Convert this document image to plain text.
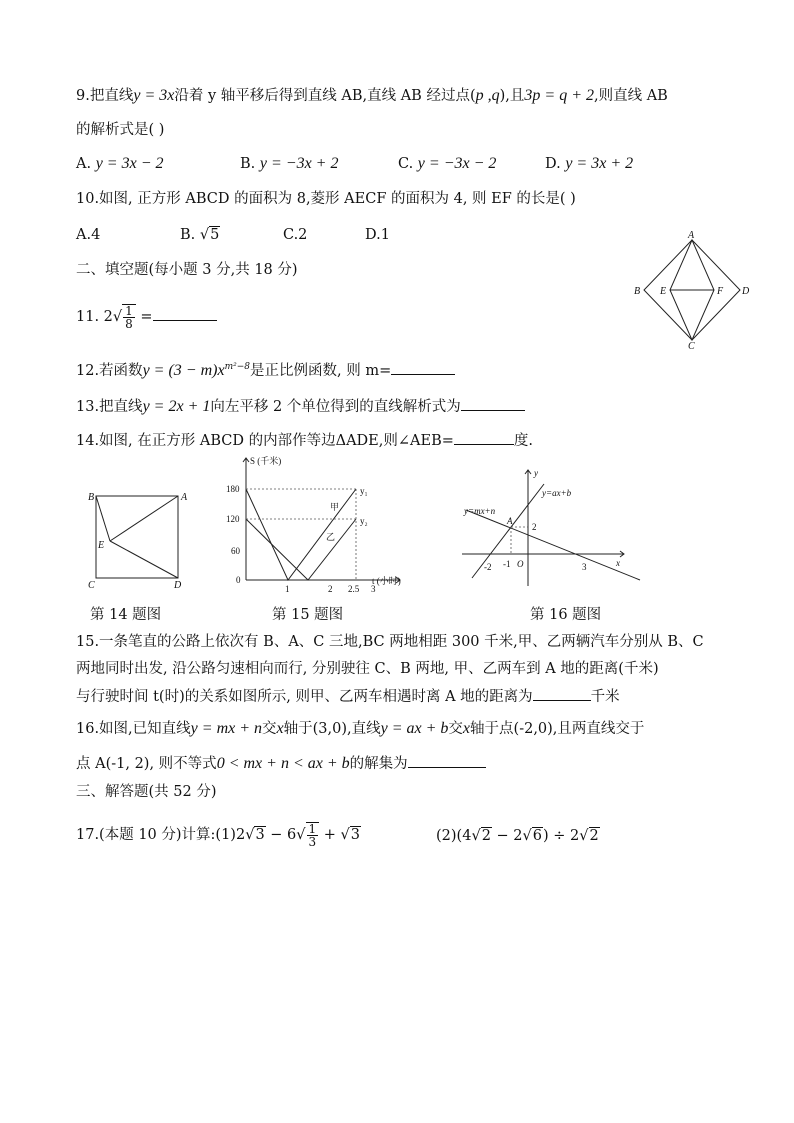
9.把直线y = 3x沿着 y 轴平移后得到直线 AB,直线 AB 经过点(p ,q),且3p = q + 2,则直线 AB
的解析式是( )
A. y = 3x − 2	B. y = −3x + 2	C. y = −3x − 2	D. y = 3x + 2
10.如图, 正方形 ABCD 的面积为 8,菱形 AECF 的面积为 4, 则 EF 的长是( )
A.4	B. √5	C.2	D.1	A
B
C
D
E	F
二、填空题(每小题 3 分,共 18 分)
11. $2√ \frac{1}{8}$ =
12.若函数$y = (3 - m)x^{m^2-8}$是正比例函数, 则 m=
13.把直线y = 2x + 1向左平移 2 个单位得到的直线解析式为
14.如图, 在正方形 ABCD 的内部作等边ΔADE,则∠AEB=	度.
B	A
C	D
E
S (千米)
t (小时)
180
120
60
0
1	2 2.5 3
甲
乙
y₁
y₂
y=mx+n
y=ax+b
y
x
A
2
-2 -1 O	3
第 14 题图	第 15 题图	第 16 题图
15.一条笔直的公路上依次有 B、A、C 三地,BC 两地相距 300 千米,甲、乙两辆汽车分别从 B、C
两地同时出发, 沿公路匀速相向而行, 分别驶往 C、B 两地, 甲、乙两车到 A 地的距离(千米)
与行驶时间 t(时)的关系如图所示, 则甲、乙两车相遇时离 A 地的距离为	千米
16.如图,已知直线y = mx + n交x轴于(3,0),直线y = ax + b交x轴于点(-2,0),且两直线交于
点 A(-1, 2), 则不等式0 < mx + n < ax + b的解集为
三、解答题(共 52 分)
17.(本题 10 分)计算:(1)2√3 − $6√ \frac{1}{3} + √3$	(2)(4√2 − 2√6) ÷ 2√2
